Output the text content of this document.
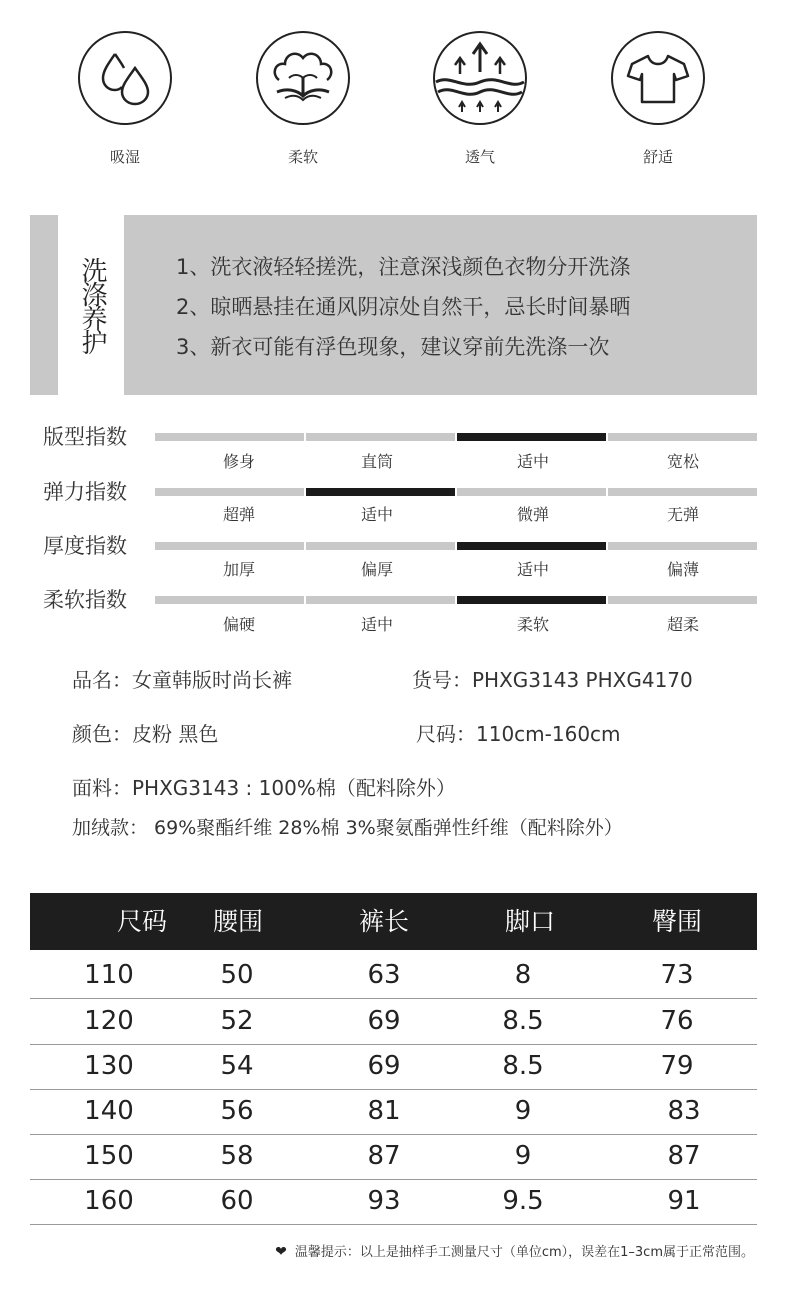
吸湿	柔软	透气	舒适
洗涤养护	1、洗衣液轻轻搓洗，注意深浅颜色衣物分开洗涤
2、晾晒悬挂在通风阴凉处自然干，忌长时间暴晒
3、新衣可能有浮色现象，建议穿前先洗涤一次
版型指数
修身	直筒	适中	宽松
弹力指数
超弹	适中	微弹	无弹
厚度指数
加厚	偏厚	适中	偏薄
柔软指数
偏硬	适中	柔软	超柔
品名：女童韩版时尚长裤	货号：PHXG3143 PHXG4170
颜色：皮粉 黑色	尺码：110cm-160cm
面料：PHXG3143 : 100%棉（配料除外）
加绒款： 69%聚酯纤维 28%棉 3%聚氨酯弹性纤维（配料除外）
尺码	腰围	裤长	脚口	臀围
110	50	63	8	73
120	52	69	8.5	76
130	54	69	8.5	79
140	56	81	9	83
150	58	87	9	87
160	60	93	9.5	91
❤ 温馨提示：以上是抽样手工测量尺寸（单位cm），误差在1–3cm属于正常范围。
